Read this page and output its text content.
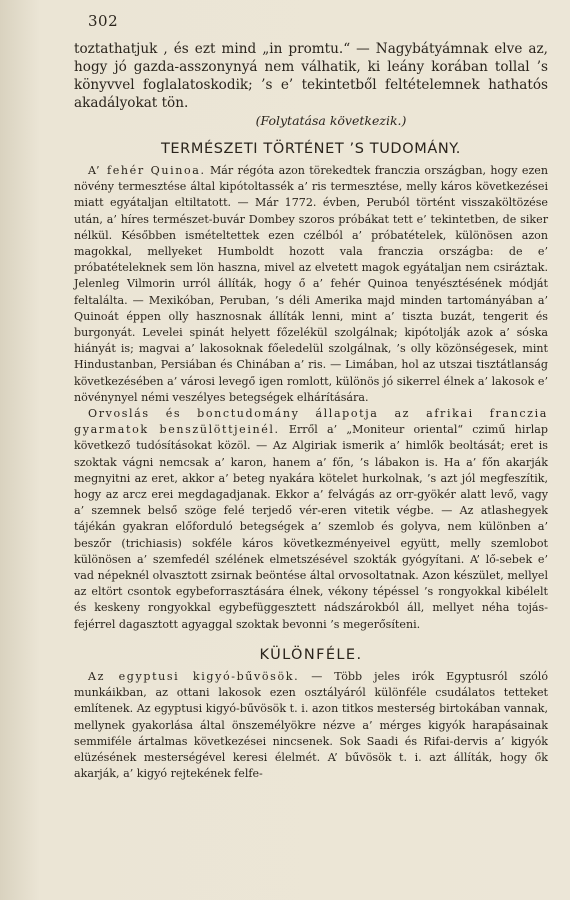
302

toztathatjuk , és ezt mind „in promtu.“ — Nagybátyámnak elve az, hogy jó gazda-asszonynyá nem válhatik, ki leány korában tollal ’s könyvvel foglalatoskodik; ’s e’ tekintetből feltételemnek hathatós akadályokat tön.

(Folytatása következik.)
TERMÉSZETI TÖRTÉNET ’S TUDOMÁNY.

A’ fehér Quinoa. Már régóta azon törekedtek franczia országban, hogy ezen növény termesztése által kipótoltassék a’ ris termesztése, melly káros következései miatt egyátaljan eltiltatott. — Már 1772. évben, Peruból történt visszaköltözése után, a’ híres természet-buvár Dombey szoros próbákat tett e’ tekintetben, de siker nélkül. Későbben ismételtettek ezen czélból a’ próbatételek, különösen azon magokkal, mellyeket Humboldt hozott vala franczia országba: de e’ próbatételeknek sem lön haszna, mivel az elvetett magok egyátaljan nem csiráztak. Jelenleg Vilmorin urról állíták, hogy ő a’ fehér Quinoa tenyésztésének módját feltalálta. — Mexikóban, Peruban, ’s déli Amerika majd minden tartományában a’ Quinoát éppen olly hasznosnak állíták lenni, mint a’ tiszta buzát, tengerit és burgonyát. Levelei spinát helyett főzelékül szolgálnak; kipótolják azok a’ sóska hiányát is; magvai a’ lakosoknak főeledelül szolgálnak, ’s olly közönségesek, mint Hindustanban, Persiában és Chinában a’ ris. — Limában, hol az utszai tisztátlanság következésében a’ városi levegő igen romlott, különös jó sikerrel élnek a’ lakosok e’ növénynyel némi veszélyes betegségek elhárítására.

Orvoslás és bonctudomány állapotja az afrikai franczia gyarmatok benszülöttjeinél. Erről a’ „Moniteur oriental“ czimű hirlap következő tudósításokat közöl. — Az Algiriak ismerik a’ himlők beoltását; eret is szoktak vágni nemcsak a’ karon, hanem a’ főn, ’s lábakon is. Ha a’ főn akarják megnyitni az eret, akkor a’ beteg nyakára kötelet hurkolnak, ’s azt jól megfeszítik, hogy az arcz erei megdagadjanak. Ekkor a’ felvágás az orr-gyökér alatt levő, vagy a’ szemnek belső szöge felé terjedő vér-eren vitetik végbe. — Az atlashegyek tájékán gyakran előforduló betegségek a’ szemlob és golyva, nem különben a’ beszőr (trichiasis) sokféle káros következményeivel együtt, melly szemlobot különösen a’ szemfedél szélének elmetszésével szokták gyógyítani. A’ lő-sebek e’ vad népeknél olvasztott zsirnak beöntése által orvosoltatnak. Azon készület, mellyel az eltört csontok egybeforrasztására élnek, vékony tépéssel ’s rongyokkal kibélelt és keskeny rongyokkal egybefüggesztett nádszárokból áll, mellyet néha tojás-fejérrel dagasztott agyaggal szoktak bevonni ’s megerősíteni.

KÜLÖNFÉLE.

Az egyptusi kigyó-bűvösök. — Több jeles irók Egyptusról szóló munkáikban, az ottani lakosok ezen osztályáról különféle csudálatos tetteket említenek. Az egyptusi kigyó-bűvösök t. i. azon titkos mesterség birtokában vannak, mellynek gyakorlása által önszemélyökre nézve a’ mérges kigyók harapásainak semmiféle ártalmas következései nincsenek. Sok Saadi és Rifai-dervis a’ kigyók elüzésének mesterségével keresi élelmét. A’ bűvösök t. i. azt állíták, hogy ők akarják, a’ kigyó rejtekének felfe-
